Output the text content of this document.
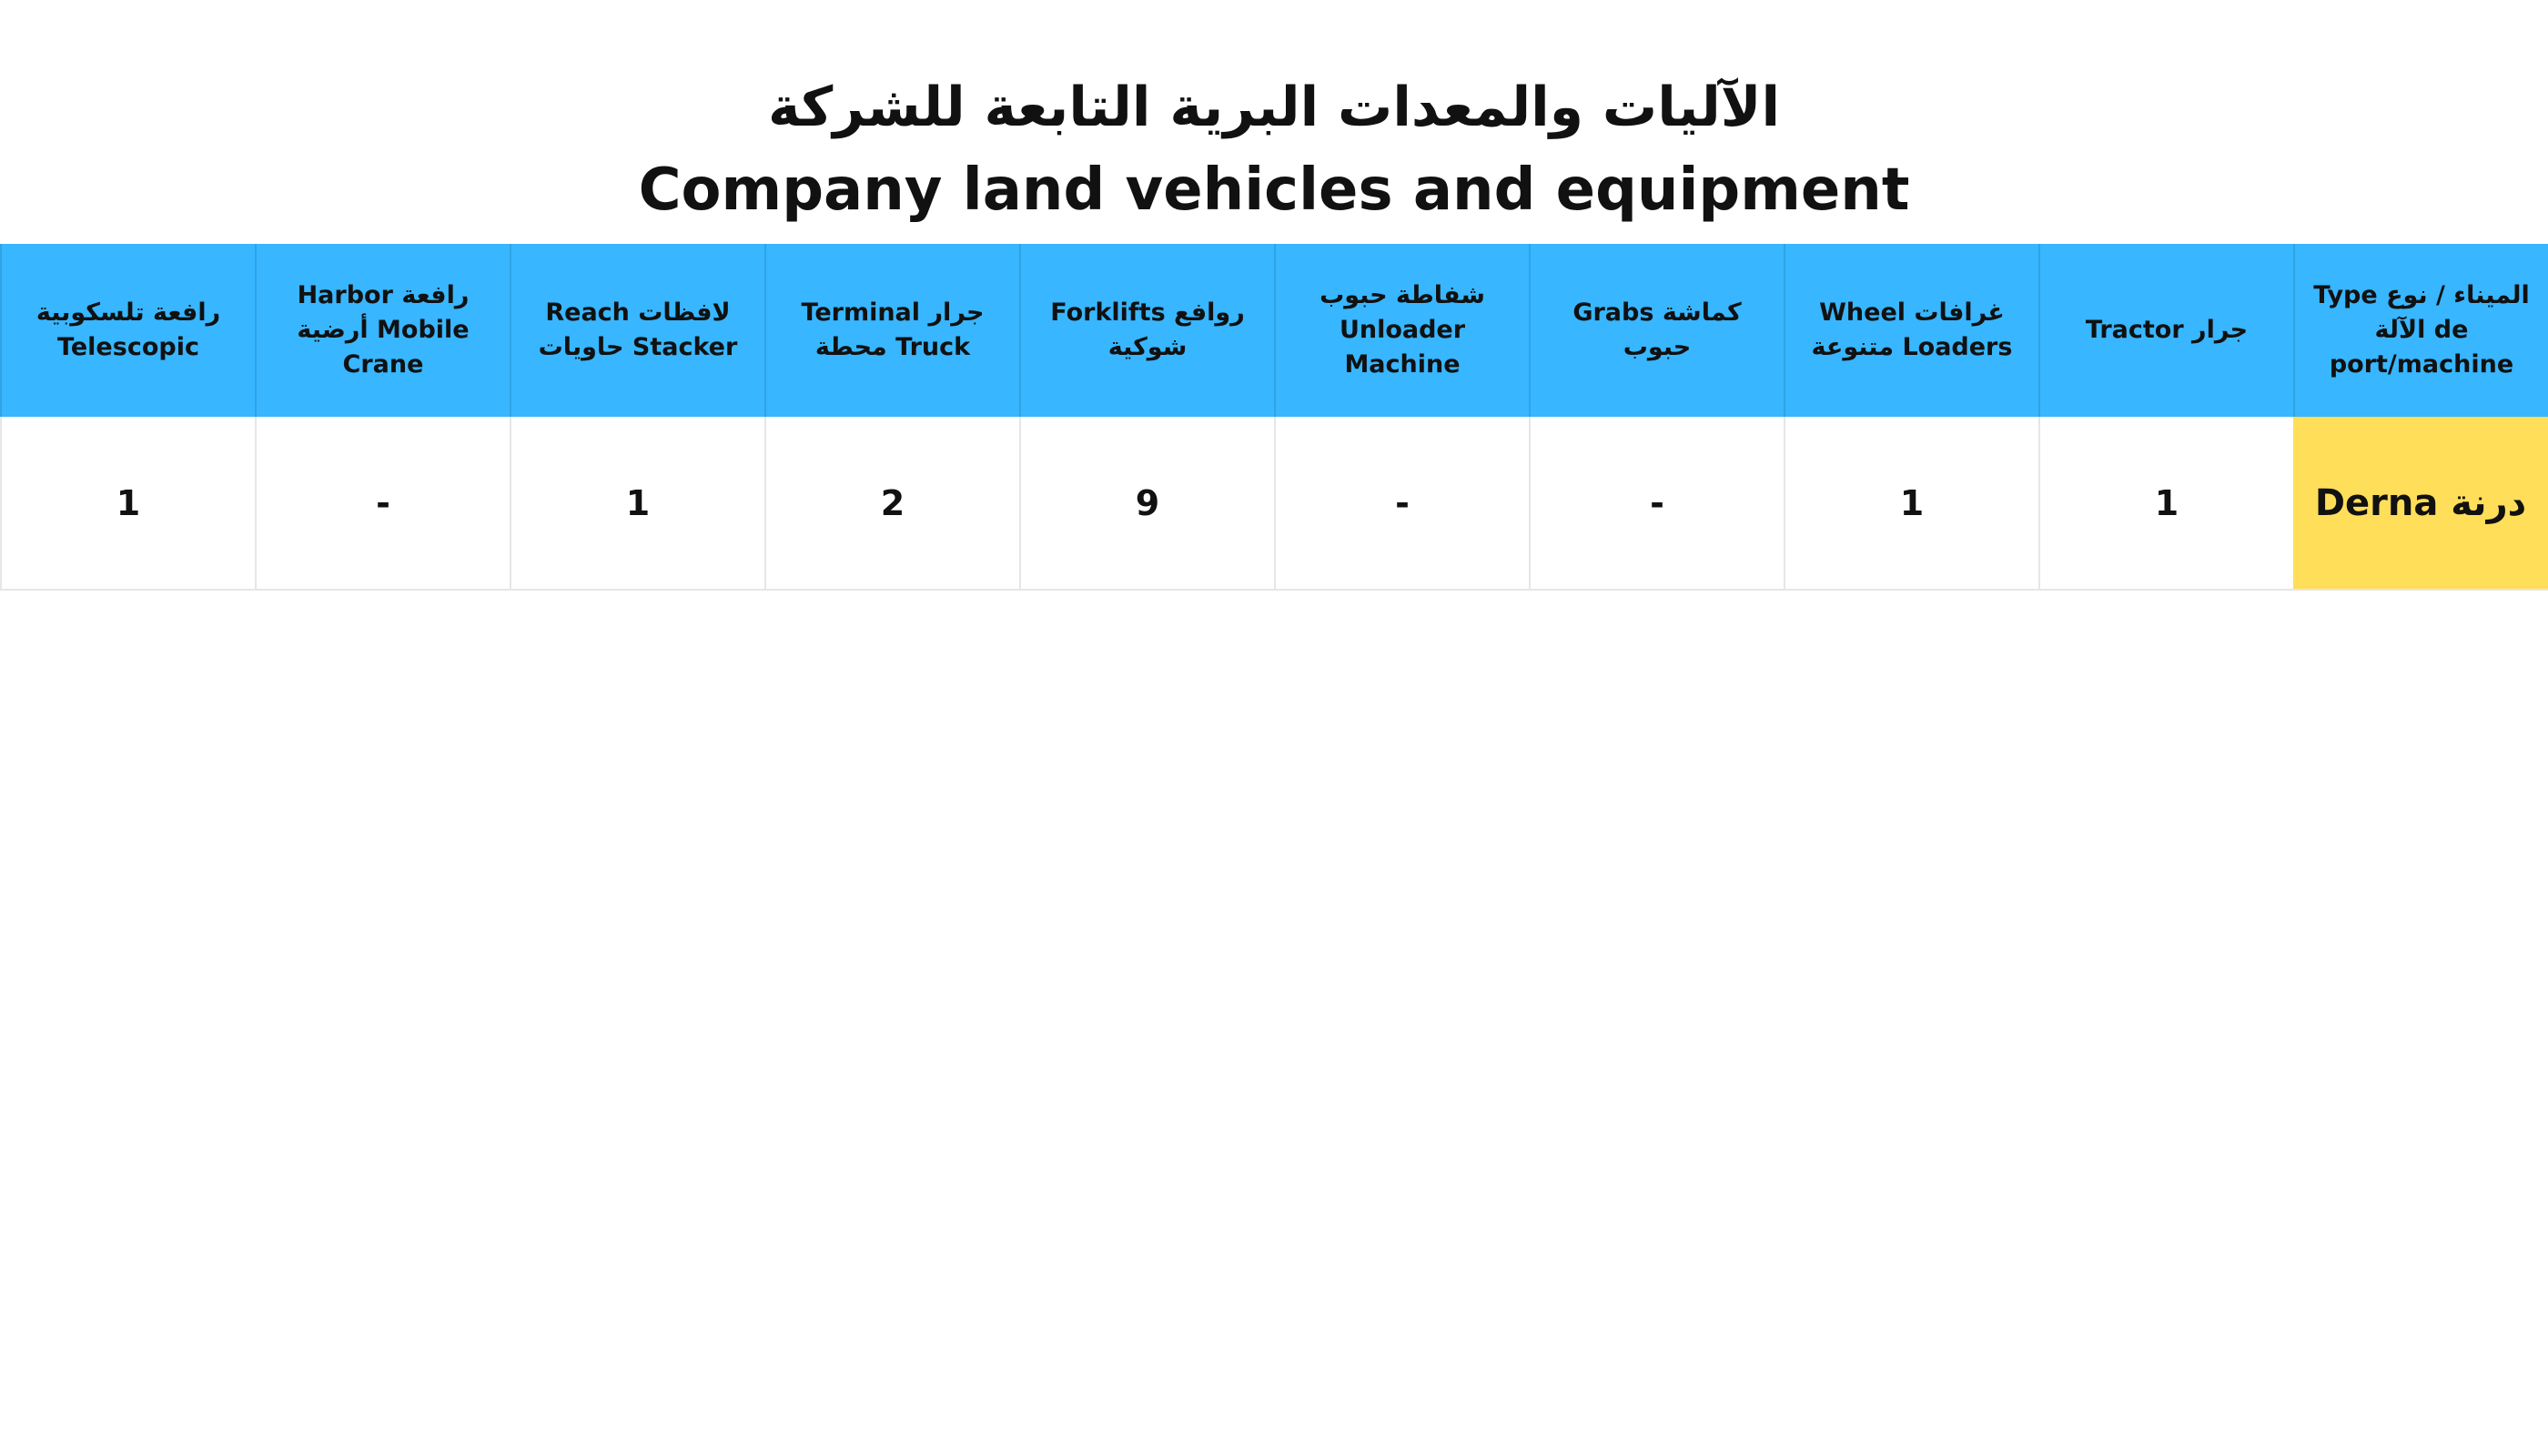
الآليات والمعدات البرية التابعة للشركة
Company land vehicles and equipment
Type الميناء / نوع الآلة de port/machine
Tractor جرار
Wheel غرافات متنوعة Loaders
Grabs كماشة حبوب
شفاطة حبوب Unloader Machine
Forklifts روافع شوكية
Terminal جرار محطة Truck
Reach لافظات حاويات Stacker
Harbor رافعة أرضية Mobile Crane
رافعة تلسكوبية Telescopic
Derna درنة
1
1
-
-
9
2
1
-
1
